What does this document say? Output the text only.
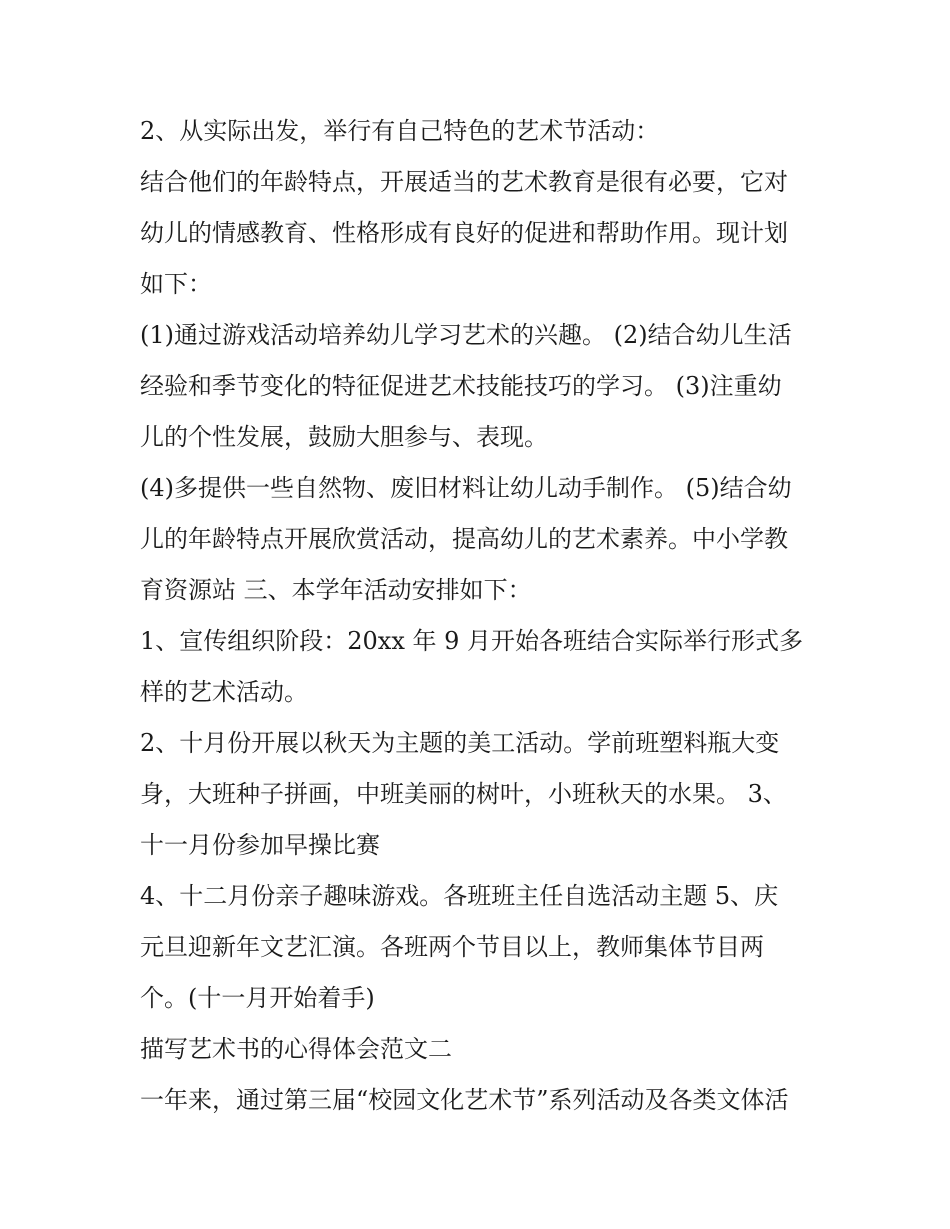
2、从实际出发，举行有自己特色的艺术节活动：
结合他们的年龄特点，开展适当的艺术教育是很有必要，它对
幼儿的情感教育、性格形成有良好的促进和帮助作用。现计划
如下：
(1)通过游戏活动培养幼儿学习艺术的兴趣。 (2)结合幼儿生活
经验和季节变化的特征促进艺术技能技巧的学习。 (3)注重幼
儿的个性发展，鼓励大胆参与、表现。
(4)多提供一些自然物、废旧材料让幼儿动手制作。 (5)结合幼
儿的年龄特点开展欣赏活动，提高幼儿的艺术素养。中小学教
育资源站 三、本学年活动安排如下：
1、宣传组织阶段：20xx 年 9 月开始各班结合实际举行形式多
样的艺术活动。
2、十月份开展以秋天为主题的美工活动。学前班塑料瓶大变
身，大班种子拼画，中班美丽的树叶，小班秋天的水果。 3、
十一月份参加早操比赛
4、十二月份亲子趣味游戏。各班班主任自选活动主题 5、庆
元旦迎新年文艺汇演。各班两个节目以上，教师集体节目两
个。(十一月开始着手)
描写艺术书的心得体会范文二
一年来，通过第三届“校园文化艺术节”系列活动及各类文体活
